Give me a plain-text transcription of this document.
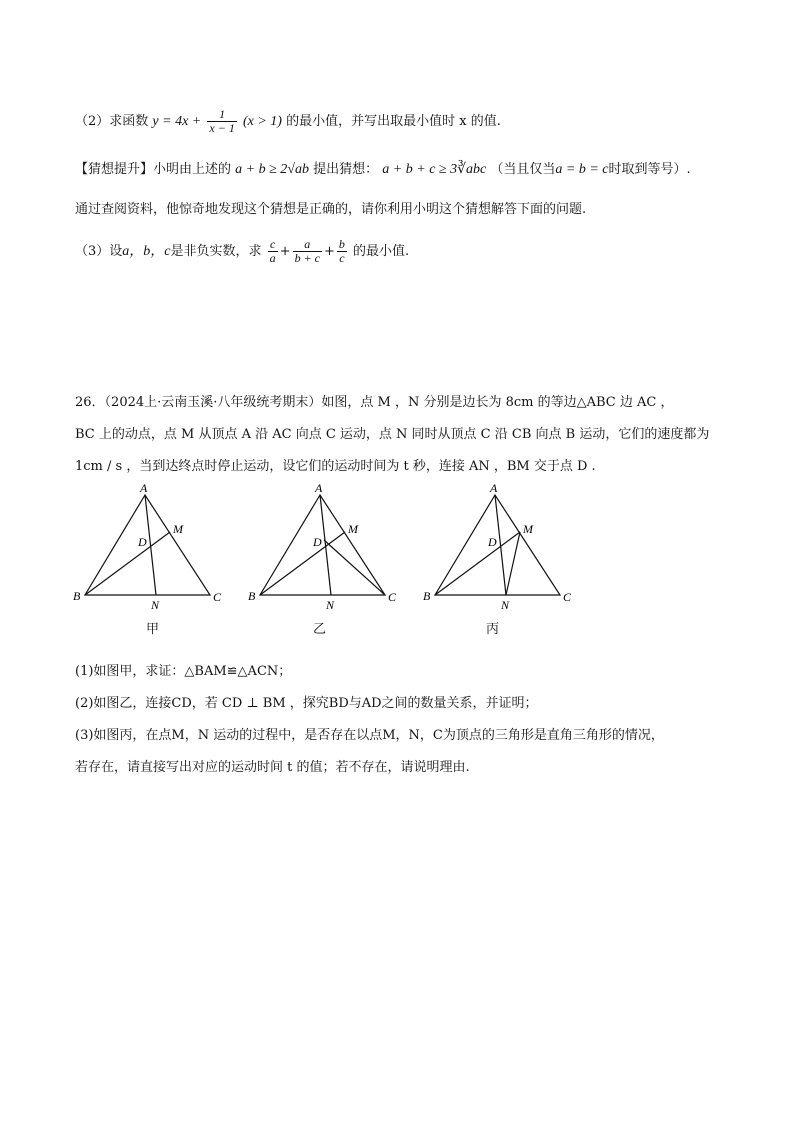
（2）求函数 $y = 4x + \frac{1}{x - 1} (x > 1)$ 的最小值，并写出取最小值时 x 的值.
【猜想提升】小明由上述的 a + b ≥ 2√ab 提出猜想： a + b + c ≥ 3∛abc （当且仅当a = b = c时取到等号）.
通过查阅资料，他惊奇地发现这个猜想是正确的，请你利用小明这个猜想解答下面的问题.
（3）设a，b，c是非负实数，求 $\frac{c}{a} + \frac{a}{b + c} + \frac{b}{c}$ 的最小值.
26．（2024上·云南玉溪·八年级统考期末）如图，点 M ，N 分别是边长为 8cm 的等边△ABC 边 AC ，
BC 上的动点，点 M 从顶点 A 沿 AC 向点 C 运动，点 N 同时从顶点 C 沿 CB 向点 B 运动，它们的速度都为
1cm / s ，当到达终点时停止运动，设它们的运动时间为 t 秒，连接 AN ，BM 交于点 D .
A
B	C
M
N
D
甲
A
B	C
M
N
D
乙
A
B	C
M
N
D
丙
(1)如图甲，求证：△BAM≌△ACN；
(2)如图乙，连接CD，若 CD ⊥ BM ，探究BD与AD之间的数量关系，并证明；
(3)如图丙，在点M，N 运动的过程中，是否存在以点M，N，C为顶点的三角形是直角三角形的情况，
若存在，请直接写出对应的运动时间 t 的值；若不存在，请说明理由.
